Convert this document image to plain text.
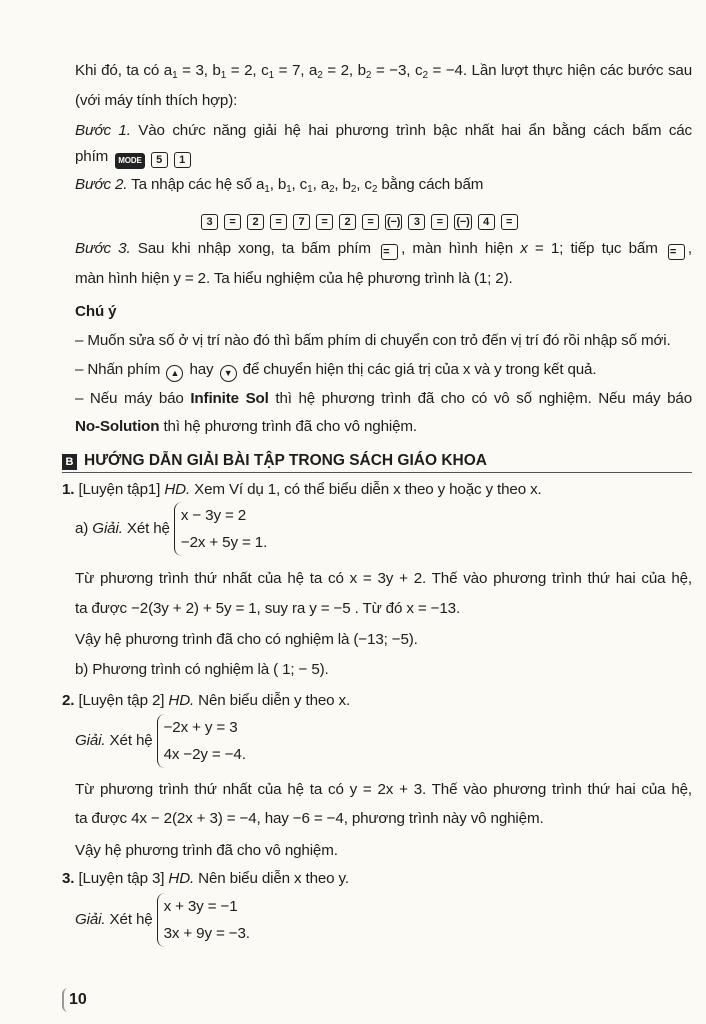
Khi đó, ta có $a_1 = 3$, $b_1 = 2$, $c_1 = 7$, $a_2 = 2$, $b_2 = -3$, $c_2 = -4$. Lần lượt thực hiện các bước sau
(với máy tính thích hợp):
Bước 1. Vào chức năng giải hệ hai phương trình bậc nhất hai ẩn bằng cách bấm các
phím MODE 5 1
Bước 2. Ta nhập các hệ số $a_1$, $b_1$, $c_1$, $a_2$, $b_2$, $c_2$ bằng cách bấm
3 = 2 = 7 = 2 = (−) 3 = (−) 4 =
Bước 3. Sau khi nhập xong, ta bấm phím = , màn hình hiện x = 1; tiếp tục bấm = ,
màn hình hiện y = 2. Ta hiểu nghiệm của hệ phương trình là (1; 2).
Chú ý
– Muốn sửa số ở vị trí nào đó thì bấm phím di chuyển con trỏ đến vị trí đó rồi nhập số mới.
– Nhấn phím ▲ hay ▼ để chuyển hiện thị các giá trị của x và y trong kết quả.
– Nếu máy báo Infinite Sol thì hệ phương trình đã cho có vô số nghiệm. Nếu máy báo
No-Solution thì hệ phương trình đã cho vô nghiệm.
1. [Luyện tập1] HD. Xem Ví dụ 1, có thể biểu diễn x theo y hoặc y theo x.
Từ phương trình thứ nhất của hệ ta có x = 3y + 2. Thế vào phương trình thứ hai của hệ,
ta được −2(3y + 2) + 5y = 1, suy ra y = −5 . Từ đó x = −13.
Vậy hệ phương trình đã cho có nghiệm là (−13; −5).
b) Phương trình có nghiệm là ( 1; − 5).
2. [Luyện tập 2] HD. Nên biểu diễn y theo x.
Từ phương trình thứ nhất của hệ ta có y = 2x + 3. Thế vào phương trình thứ hai của hệ,
ta được 4x − 2(2x + 3) = −4, hay −6 = −4, phương trình này vô nghiệm.
Vậy hệ phương trình đã cho vô nghiệm.
3. [Luyện tập 3] HD. Nên biểu diễn x theo y.
a) Giải. Xét hệ
x − 3y = 2
−2x + 5y = 1.
Giải. Xét hệ
−2x + y = 3
4x −2y = −4.
Giải. Xét hệ
x + 3y = −1
3x + 9y = −3.
B HƯỚNG DẪN GIẢI BÀI TẬP TRONG SÁCH GIÁO KHOA
10
